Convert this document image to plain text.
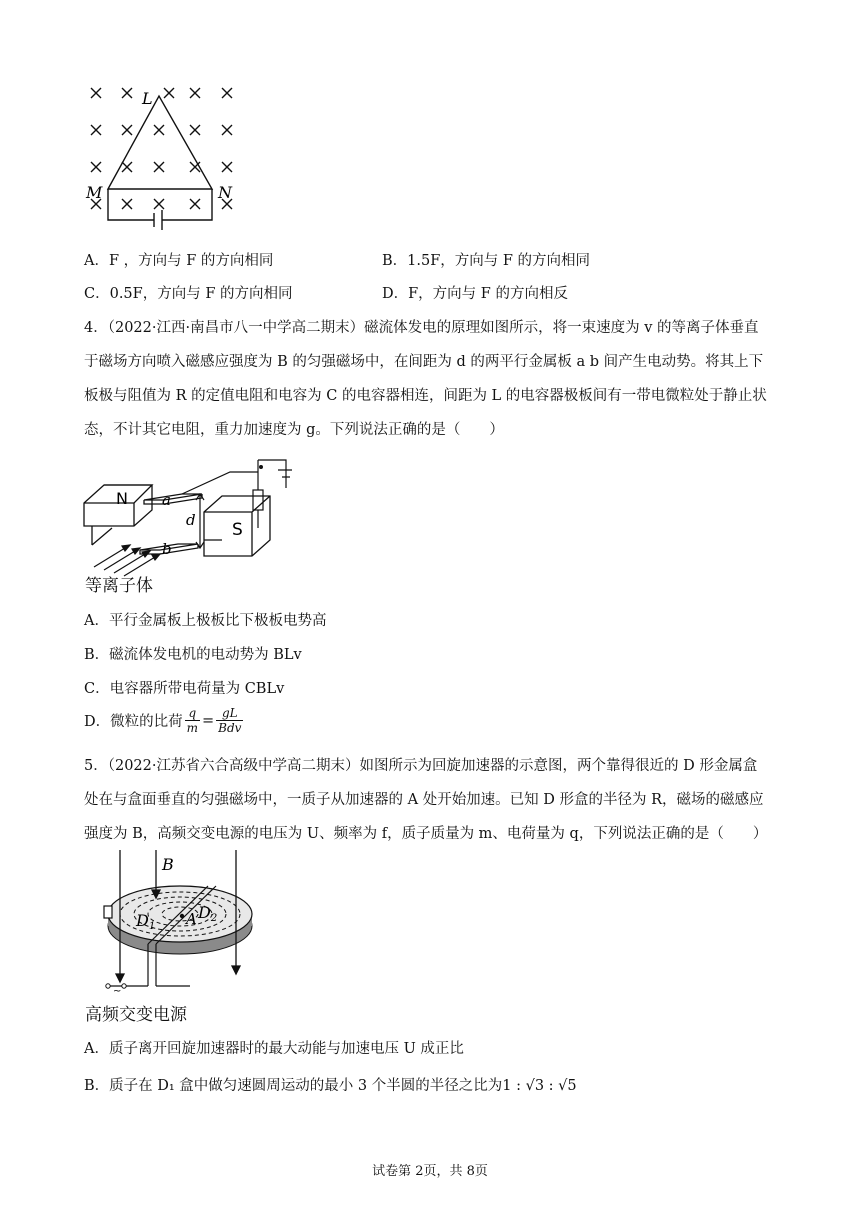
L
M	N
A．F ，方向与 F 的方向相同	B．1.5F，方向与 F 的方向相同
C．0.5F，方向与 F 的方向相同	D．F，方向与 F 的方向相反
4．（2022·江西·南昌市八一中学高二期末）磁流体发电的原理如图所示，将一束速度为 v 的等离子体垂直
于磁场方向喷入磁感应强度为 B 的匀强磁场中，在间距为 d 的两平行金属板 a b 间产生电动势。将其上下
板极与阻值为 R 的定值电阻和电容为 C 的电容器相连，间距为 L 的电容器极板间有一带电微粒处于静止状
态，不计其它电阻，重力加速度为 g。下列说法正确的是（　　）
N
S
a
b
d
等离子体
A．平行金属板上极板比下极板电势高
B．磁流体发电机的电动势为 BLv
C．电容器所带电荷量为 CBLv
D．微粒的比荷 $\frac{q}{m} = \frac{gL}{\text{Bdv}}$
5．（2022·江苏省六合高级中学高二期末）如图所示为回旋加速器的示意图，两个靠得很近的 D 形金属盒
处在与盒面垂直的匀强磁场中，一质子从加速器的 A 处开始加速。已知 D 形盒的半径为 R，磁场的磁感应
强度为 B，高频交变电源的电压为 U、频率为 f，质子质量为 m、电荷量为 q，下列说法正确的是（　　）
~
B
D1 A D2
高频交变电源
A．质子离开回旋加速器时的最大动能与加速电压 U 成正比
B．质子在 D₁ 盒中做匀速圆周运动的最小 3 个半圆的半径之比为1 : √3 : √5
试卷第 2页，共 8页
